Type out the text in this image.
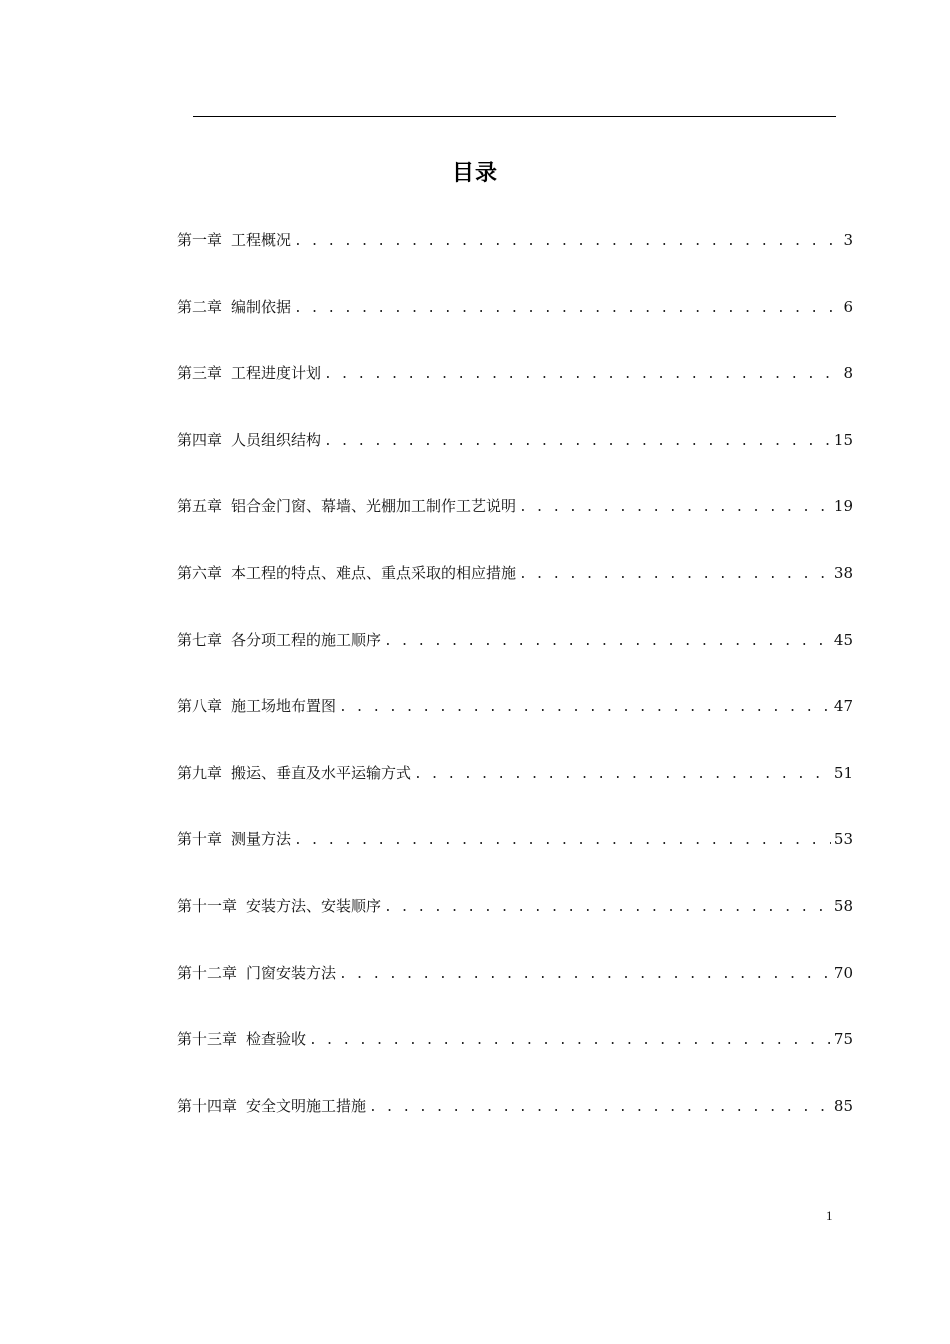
目录
第一章 工程概况 . . .	3
第二章 编制依据 . . .	6
第三章 工程进度计划 . . .	8
第四章 人员组织结构 . . .	15
第五章 铝合金门窗、幕墙、光棚加工制作工艺说明 . . .	19
第六章 本工程的特点、难点、重点采取的相应措施 . . .	38
第七章 各分项工程的施工顺序 . . .	45
第八章 施工场地布置图 . . .	47
第九章 搬运、垂直及水平运输方式 . . .	51
第十章 测量方法 . . .	53
第十一章 安装方法、安装顺序 . . .	58
第十二章 门窗安装方法 . . .	70
第十三章 检查验收 . . .	75
第十四章 安全文明施工措施 . . .	85
1
